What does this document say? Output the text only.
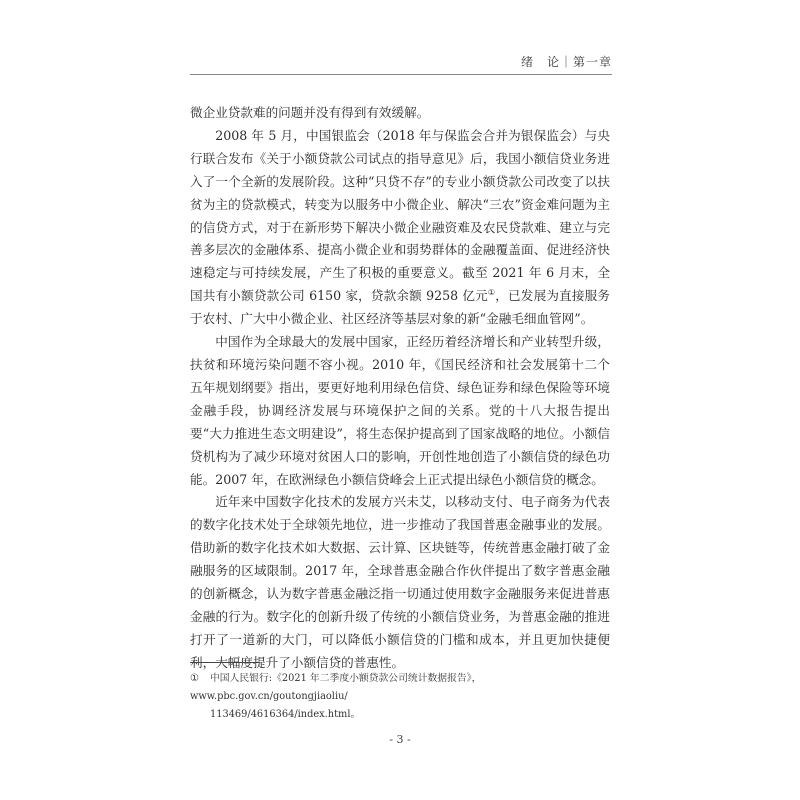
绪　论｜第一章

微企业贷款难的问题并没有得到有效缓解。

2008 年 5 月，中国银监会（2018 年与保监会合并为银保监会）与央行联合发布《关于小额贷款公司试点的指导意见》后，我国小额信贷业务进入了一个全新的发展阶段。这种“只贷不存”的专业小额贷款公司改变了以扶贫为主的贷款模式，转变为以服务中小微企业、解决“三农”资金难问题为主的信贷方式，对于在新形势下解决小微企业融资难及农民贷款难、建立与完善多层次的金融体系、提高小微企业和弱势群体的金融覆盖面、促进经济快速稳定与可持续发展，产生了积极的重要意义。截至 2021 年 6 月末，全国共有小额贷款公司 6150 家，贷款余额 9258 亿元①，已发展为直接服务于农村、广大中小微企业、社区经济等基层对象的新“金融毛细血管网”。

中国作为全球最大的发展中国家，正经历着经济增长和产业转型升级，扶贫和环境污染问题不容小视。2010 年，《国民经济和社会发展第十二个五年规划纲要》指出，要更好地利用绿色信贷、绿色证券和绿色保险等环境金融手段，协调经济发展与环境保护之间的关系。党的十八大报告提出要“大力推进生态文明建设”，将生态保护提高到了国家战略的地位。小额信贷机构为了减少环境对贫困人口的影响，开创性地创造了小额信贷的绿色功能。2007 年，在欧洲绿色小额信贷峰会上正式提出绿色小额信贷的概念。

近年来中国数字化技术的发展方兴未艾，以移动支付、电子商务为代表的数字化技术处于全球领先地位，进一步推动了我国普惠金融事业的发展。借助新的数字化技术如大数据、云计算、区块链等，传统普惠金融打破了金融服务的区域限制。2017 年，全球普惠金融合作伙伴提出了数字普惠金融的创新概念，认为数字普惠金融泛指一切通过使用数字金融服务来促进普惠金融的行为。数字化的创新升级了传统的小额信贷业务，为普惠金融的推进打开了一道新的大门，可以降低小额信贷的门槛和成本，并且更加快捷便利，大幅度提升了小额信贷的普惠性。

① 中国人民银行:《2021 年二季度小额贷款公司统计数据报告》，www.pbc.gov.cn/goutongjiaoliu/
113469/4616364/index.html。
- 3 -
